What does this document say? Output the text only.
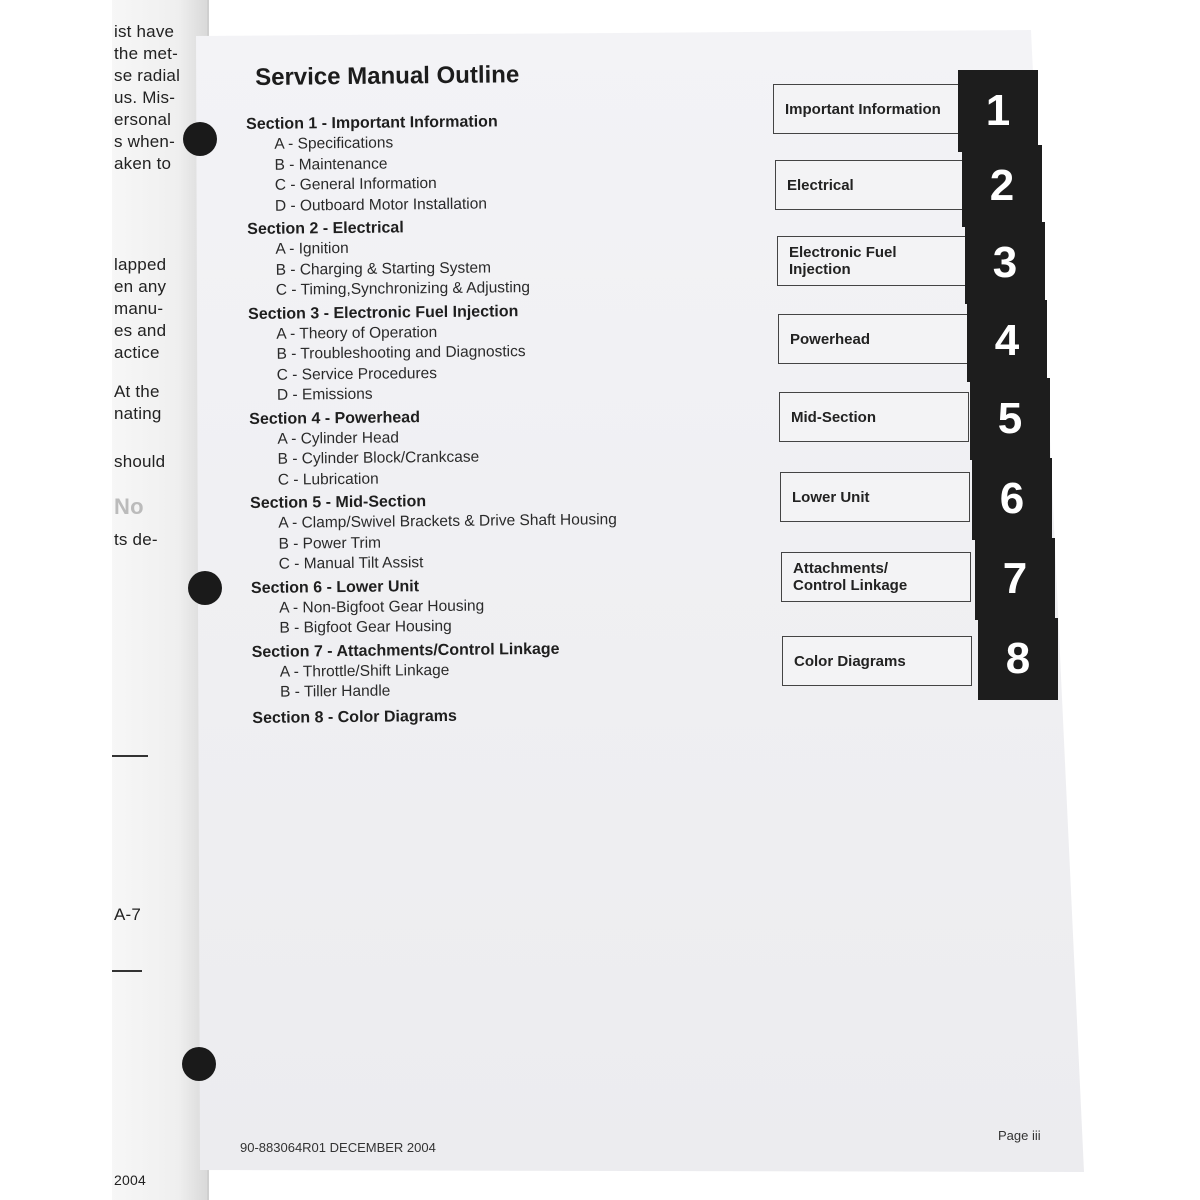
ist have
the met-
se radial
us. Mis-
ersonal
s when-
aken to
lapped
en any
manu-
es and
actice
At the
nating
should
No
ts de-
A-7
2004
Service Manual Outline
Section 1 - Important Information
A - Specifications
B - Maintenance
C - General Information
D - Outboard Motor Installation
Section 2 - Electrical
A - Ignition
B - Charging & Starting System
C - Timing,Synchronizing & Adjusting
Section 3 - Electronic Fuel Injection
A - Theory of Operation
B - Troubleshooting and Diagnostics
C - Service Procedures
D - Emissions
Section 4 - Powerhead
A - Cylinder Head
B - Cylinder Block/Crankcase
C - Lubrication
Section 5 - Mid-Section
A - Clamp/Swivel Brackets & Drive Shaft Housing
B - Power Trim
C - Manual Tilt Assist
Section 6 - Lower Unit
A - Non-Bigfoot Gear Housing
B - Bigfoot Gear Housing
Section 7 - Attachments/Control Linkage
A - Throttle/Shift Linkage
B - Tiller Handle
Section 8 - Color Diagrams
Important Information	1
Electrical	2
Electronic Fuel Injection	3
Powerhead	4
Mid-Section	5
Lower Unit	6
Attachments/ Control Linkage	7
Color Diagrams	8
90-883064R01 DECEMBER 2004
Page iii
